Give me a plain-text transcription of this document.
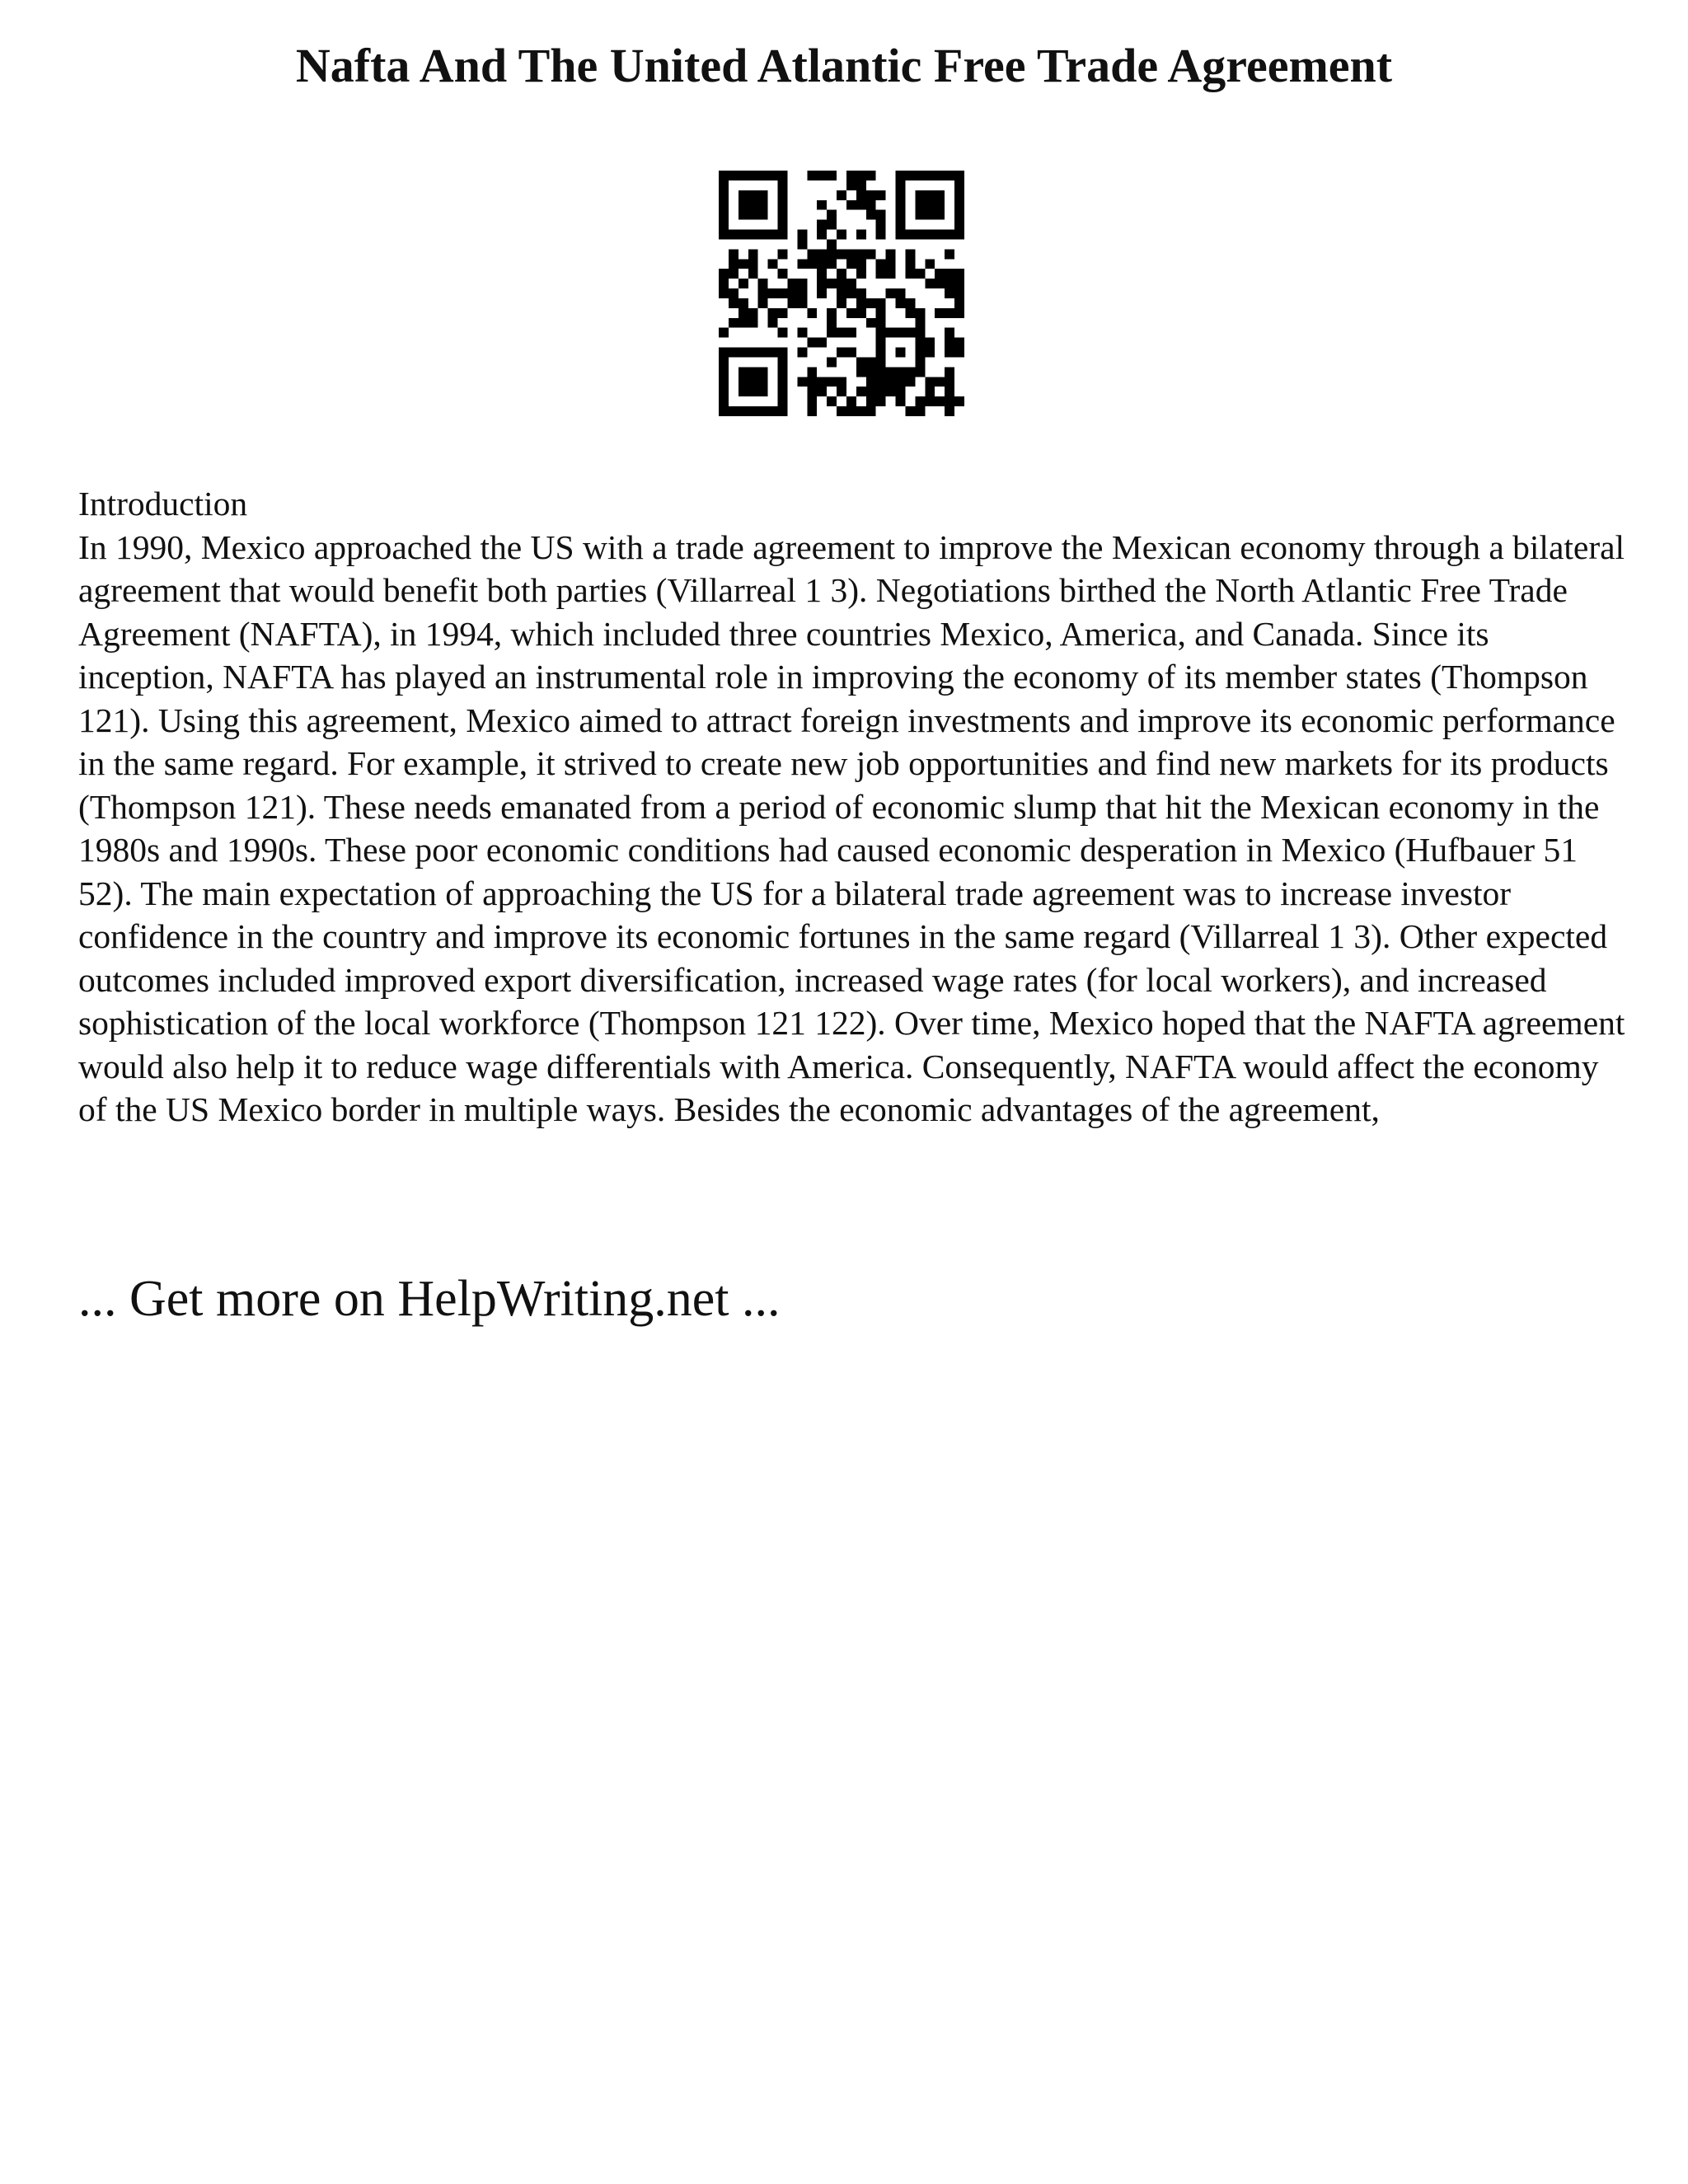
Nafta And The United Atlantic Free Trade Agreement
Introduction

In 1990, Mexico approached the US with a trade agreement to improve the Mexican economy through a bilateral agreement that would benefit both parties (Villarreal 1 3). Negotiations birthed the North Atlantic Free Trade Agreement (NAFTA), in 1994, which included three countries Mexico, America, and Canada. Since its inception, NAFTA has played an instrumental role in improving the economy of its member states (Thompson 121). Using this agreement, Mexico aimed to attract foreign investments and improve its economic performance in the same regard. For example, it strived to create new job opportunities and find new markets for its products (Thompson 121). These needs emanated from a period of economic slump that hit the Mexican economy in the 1980s and 1990s. These poor economic conditions had caused economic desperation in Mexico (Hufbauer 51 52). The main expectation of approaching the US for a bilateral trade agreement was to increase investor confidence in the country and improve its economic fortunes in the same regard (Villarreal 1 3). Other expected outcomes included improved export diversification, increased wage rates (for local workers), and increased sophistication of the local workforce (Thompson 121 122). Over time, Mexico hoped that the NAFTA agreement would also help it to reduce wage differentials with America. Consequently, NAFTA would affect the economy of the US Mexico border in multiple ways. Besides the economic advantages of the agreement,

... Get more on HelpWriting.net ...
